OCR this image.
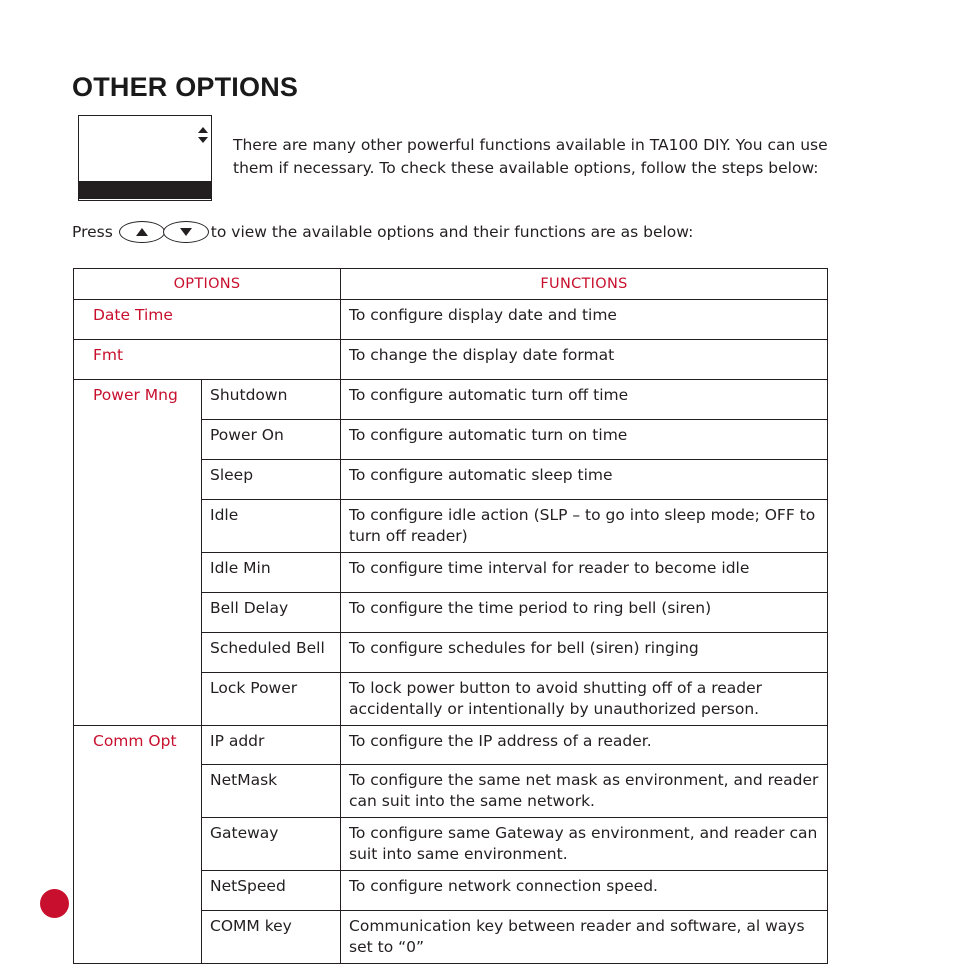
OTHER OPTIONS

There are many other powerful functions available in TA100 DIY. You can use them if necessary. To check these available options, follow the steps below:

Press	to view the available options and their functions are as below:
OPTIONS		FUNCTIONS
Date Time		To configure display date and time
Fmt		To change the display date format
Power Mng	Shutdown	To configure automatic turn off time
	Power On	To configure automatic turn on time
	Sleep	To configure automatic sleep time
	Idle	To configure idle action (SLP – to go into sleep mode; OFF to turn off reader)
	Idle Min	To configure time interval for reader to become idle
	Bell Delay	To configure the time period to ring bell (siren)
	Scheduled Bell	To configure schedules for bell (siren) ringing
	Lock Power	To lock power button to avoid shutting off of a reader accidentally or intentionally by unauthorized person.
Comm Opt	IP addr	To configure the IP address of a reader.
	NetMask	To configure the same net mask as environment, and reader can suit into the same network.
	Gateway	To configure same Gateway as environment, and reader can suit into same environment.
	NetSpeed	To configure network connection speed.
	COMM key	Communication key between reader and software, al ways set to “0”
